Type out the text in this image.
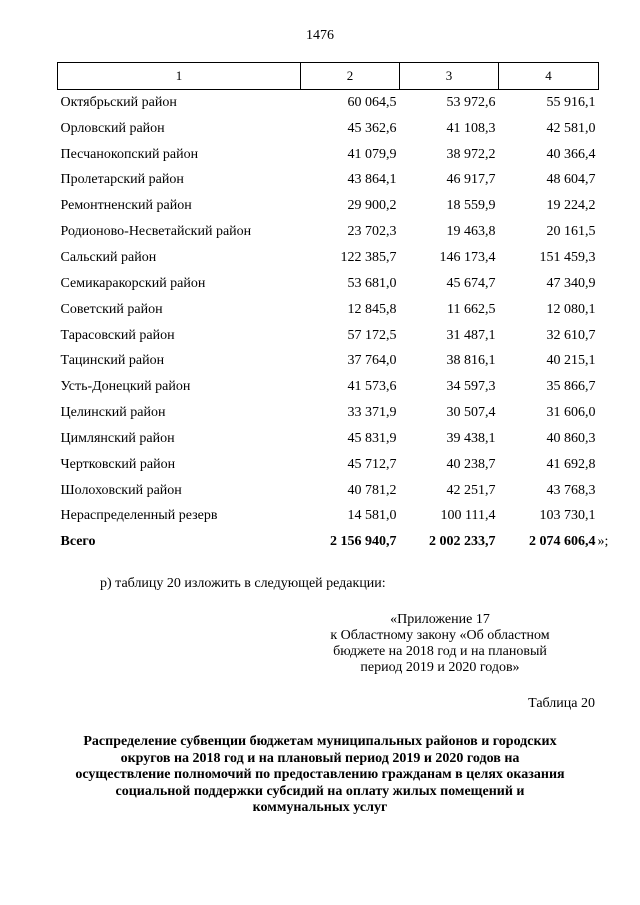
1476
1	2	3	4
Октябрьский район	60 064,5	53 972,6	55 916,1
Орловский район	45 362,6	41 108,3	42 581,0
Песчанокопский район	41 079,9	38 972,2	40 366,4
Пролетарский район	43 864,1	46 917,7	48 604,7
Ремонтненский район	29 900,2	18 559,9	19 224,2
Родионово-Несветайский район	23 702,3	19 463,8	20 161,5
Сальский район	122 385,7	146 173,4	151 459,3
Семикаракорский район	53 681,0	45 674,7	47 340,9
Советский район	12 845,8	11 662,5	12 080,1
Тарасовский район	57 172,5	31 487,1	32 610,7
Тацинский район	37 764,0	38 816,1	40 215,1
Усть-Донецкий район	41 573,6	34 597,3	35 866,7
Целинский район	33 371,9	30 507,4	31 606,0
Цимлянский район	45 831,9	39 438,1	40 860,3
Чертковский район	45 712,7	40 238,7	41 692,8
Шолоховский район	40 781,2	42 251,7	43 768,3
Нераспределенный резерв	14 581,0	100 111,4	103 730,1
Всего	2 156 940,7	2 002 233,7	2 074 606,4 »;
р) таблицу 20 изложить в следующей редакции:
«Приложение 17
к Областному закону «Об областном
бюджете на 2018 год и на плановый
период 2019 и 2020 годов»
Таблица 20
Распределение субвенции бюджетам муниципальных районов и городских
округов на 2018 год и на плановый период 2019 и 2020 годов на
осуществление полномочий по предоставлению гражданам в целях оказания
социальной поддержки субсидий на оплату жилых помещений и
коммунальных услуг
